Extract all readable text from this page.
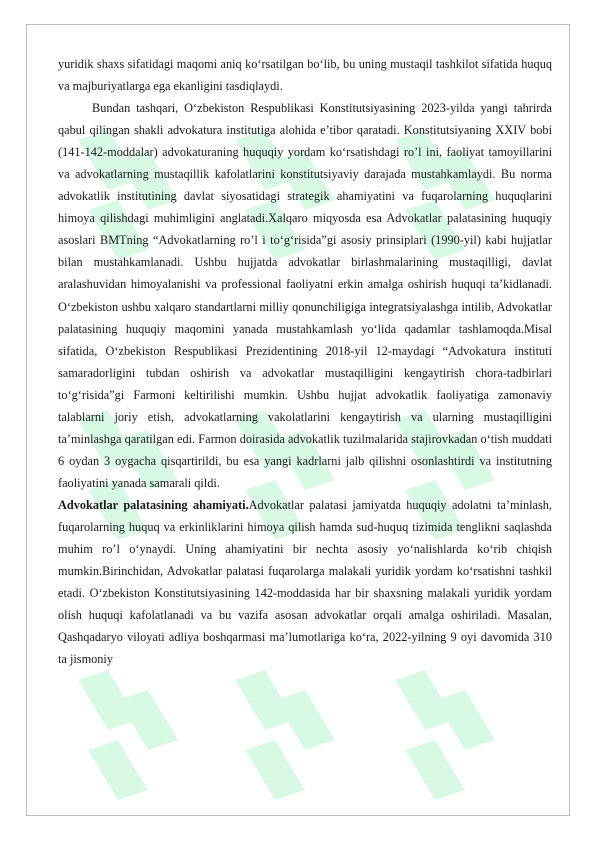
yuridik shaxs sifatidagi maqomi aniq ko‘rsatilgan bo‘lib, bu uning mustaqil tashkilot sifatida huquq va majburiyatlarga ega ekanligini tasdiqlaydi.

Bundan tashqari, O‘zbekiston Respublikasi Konstitutsiyasining 2023-yilda yangi tahrirda qabul qilingan shakli advokatura institutiga alohida e’tibor qaratadi. Konstitutsiyaning XXIV bobi (141-142-moddalar) advokaturaning huquqiy yordam ko‘rsatishdagi ro’l ini, faoliyat tamoyillarini va advokatlarning mustaqillik kafolatlarini konstitutsiyaviy darajada mustahkamlaydi. Bu norma advokatlik institutining davlat siyosatidagi strategik ahamiyatini va fuqarolarning huquqlarini himoya qilishdagi muhimligini anglatadi.Xalqaro miqyosda esa Advokatlar palatasining huquqiy asoslari BMTning “Advokatlarning ro’l i to‘g‘risida”gi asosiy prinsiplari (1990-yil) kabi hujjatlar bilan mustahkamlanadi. Ushbu hujjatda advokatlar birlashmalarining mustaqilligi, davlat aralashuvidan himoyalanishi va professional faoliyatni erkin amalga oshirish huquqi ta’kidlanadi. O‘zbekiston ushbu xalqaro standartlarni milliy qonunchiligiga integratsiyalashga intilib, Advokatlar palatasining huquqiy maqomini yanada mustahkamlash yo‘lida qadamlar tashlamoqda.Misal sifatida, O‘zbekiston Respublikasi Prezidentining 2018-yil 12-maydagi “Advokatura instituti samaradorligini tubdan oshirish va advokatlar mustaqilligini kengaytirish chora-tadbirlari to‘g‘risida”gi Farmoni keltirilishi mumkin. Ushbu hujjat advokatlik faoliyatiga zamonaviy talablarni joriy etish, advokatlarning vakolatlarini kengaytirish va ularning mustaqilligini ta’minlashga qaratilgan edi. Farmon doirasida advokatlik tuzilmalarida stajirovkadan o‘tish muddati 6 oydan 3 oygacha qisqartirildi, bu esa yangi kadrlarni jalb qilishni osonlashtirdi va institutning faoliyatini yanada samarali qildi.

Advokatlar palatasining ahamiyati.Advokatlar palatasi jamiyatda huquqiy adolatni ta’minlash, fuqarolarning huquq va erkinliklarini himoya qilish hamda sud-huquq tizimida tenglikni saqlashda muhim ro’l o‘ynaydi. Uning ahamiyatini bir nechta asosiy yo‘nalishlarda ko‘rib chiqish mumkin.Birinchidan, Advokatlar palatasi fuqarolarga malakali yuridik yordam ko‘rsatishni tashkil etadi. O‘zbekiston Konstitutsiyasining 142-moddasida har bir shaxsning malakali yuridik yordam olish huquqi kafolatlanadi va bu vazifa asosan advokatlar orqali amalga oshiriladi. Masalan, Qashqadaryo viloyati adliya boshqarmasi ma’lumotlariga ko‘ra, 2022-yilning 9 oyi davomida 310 ta jismoniy
